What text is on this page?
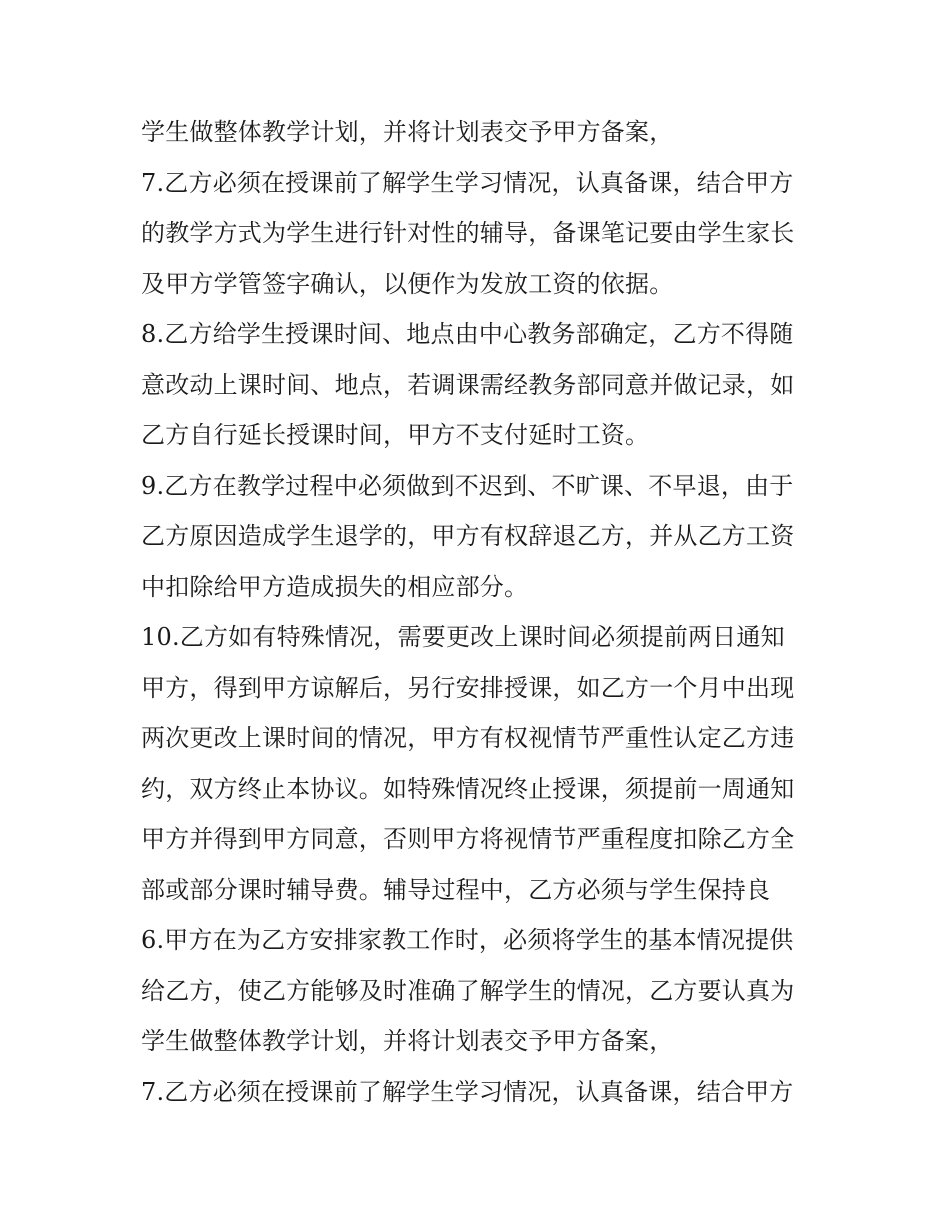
学生做整体教学计划，并将计划表交予甲方备案，
7.乙方必须在授课前了解学生学习情况，认真备课，结合甲方
的教学方式为学生进行针对性的辅导，备课笔记要由学生家长
及甲方学管签字确认，以便作为发放工资的依据。
8.乙方给学生授课时间、地点由中心教务部确定，乙方不得随
意改动上课时间、地点，若调课需经教务部同意并做记录，如
乙方自行延长授课时间，甲方不支付延时工资。
9.乙方在教学过程中必须做到不迟到、不旷课、不早退，由于
乙方原因造成学生退学的，甲方有权辞退乙方，并从乙方工资
中扣除给甲方造成损失的相应部分。
10.乙方如有特殊情况，需要更改上课时间必须提前两日通知
甲方，得到甲方谅解后，另行安排授课，如乙方一个月中出现
两次更改上课时间的情况，甲方有权视情节严重性认定乙方违
约，双方终止本协议。如特殊情况终止授课，须提前一周通知
甲方并得到甲方同意，否则甲方将视情节严重程度扣除乙方全
部或部分课时辅导费。辅导过程中，乙方必须与学生保持良
6.甲方在为乙方安排家教工作时，必须将学生的基本情况提供
给乙方，使乙方能够及时准确了解学生的情况，乙方要认真为
学生做整体教学计划，并将计划表交予甲方备案，
7.乙方必须在授课前了解学生学习情况，认真备课，结合甲方
